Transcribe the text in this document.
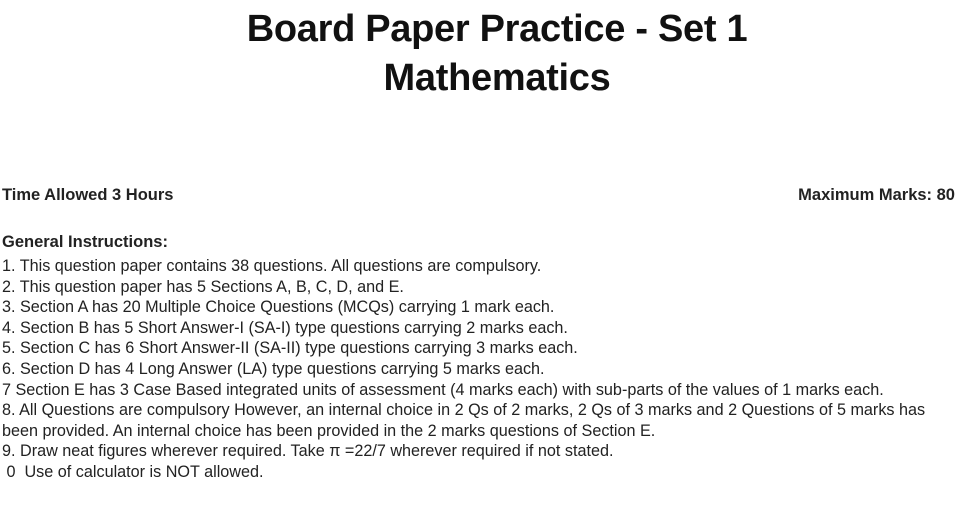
Board Paper Practice - Set 1
Mathematics
Time Allowed 3 Hours	Maximum Marks: 80
General Instructions:
1. This question paper contains 38 questions. All questions are compulsory.
2. This question paper has 5 Sections A, B, C, D, and E.
3. Section A has 20 Multiple Choice Questions (MCQs) carrying 1 mark each.
4. Section B has 5 Short Answer-I (SA-I) type questions carrying 2 marks each.
5. Section C has 6 Short Answer-II (SA-II) type questions carrying 3 marks each.
6. Section D has 4 Long Answer (LA) type questions carrying 5 marks each.
7 Section E has 3 Case Based integrated units of assessment (4 marks each) with sub-parts of the values of 1 marks each.
8. All Questions are compulsory However, an internal choice in 2 Qs of 2 marks, 2 Qs of 3 marks and 2 Questions of 5 marks has been provided. An internal choice has been provided in the 2 marks questions of Section E.
9. Draw neat figures wherever required. Take π =22/7 wherever required if not stated.
0  Use of calculator is NOT allowed.
